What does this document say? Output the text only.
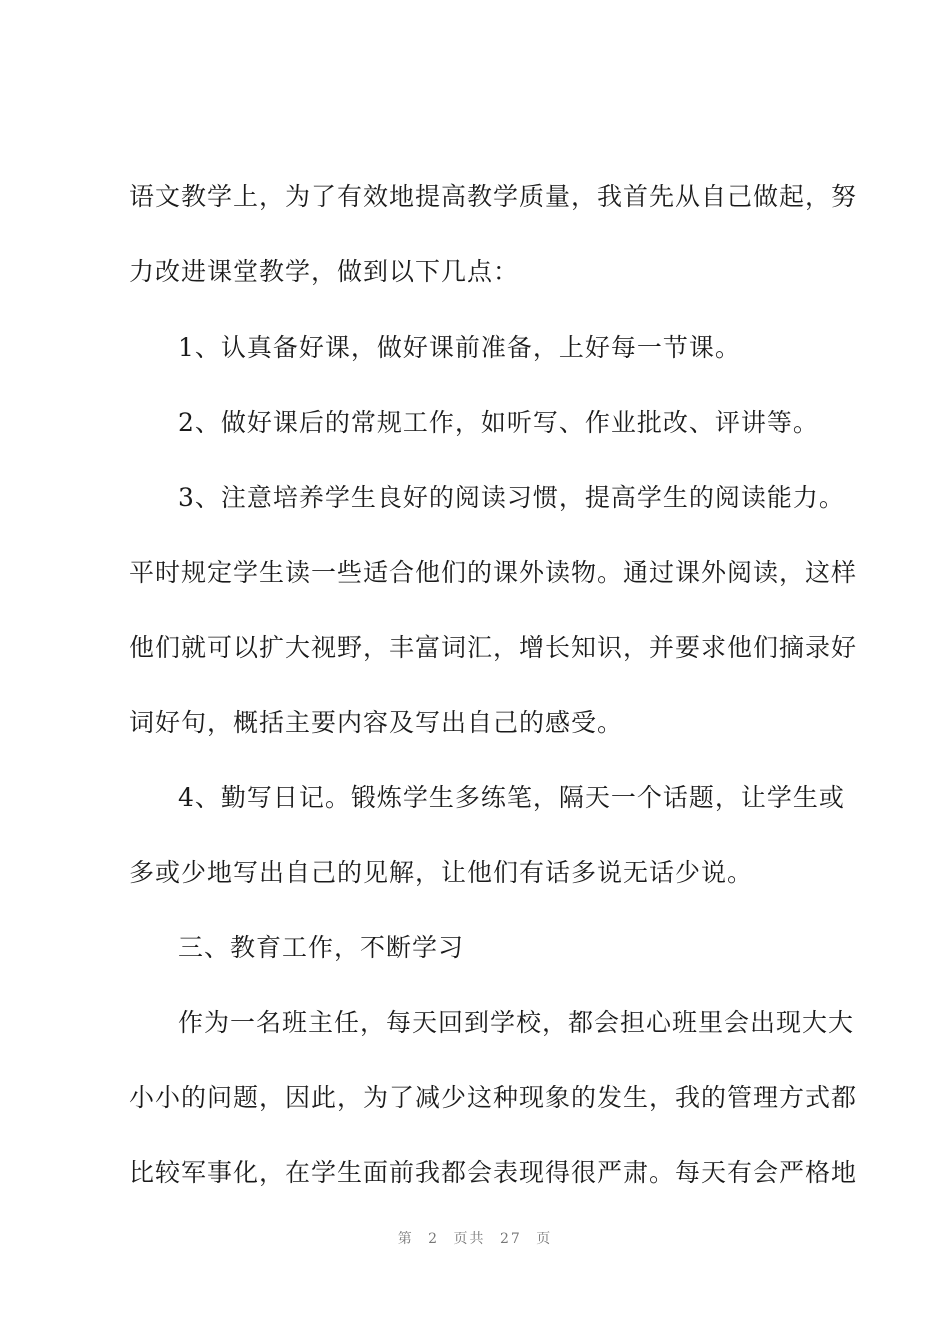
语文教学上，为了有效地提高教学质量，我首先从自己做起，努
力改进课堂教学，做到以下几点：
1、认真备好课，做好课前准备，上好每一节课。
2、做好课后的常规工作，如听写、作业批改、评讲等。
3、注意培养学生良好的阅读习惯，提高学生的阅读能力。
平时规定学生读一些适合他们的课外读物。通过课外阅读，这样
他们就可以扩大视野，丰富词汇，增长知识，并要求他们摘录好
词好句，概括主要内容及写出自己的感受。
4、勤写日记。锻炼学生多练笔，隔天一个话题，让学生或
多或少地写出自己的见解，让他们有话多说无话少说。
三、教育工作，不断学习
作为一名班主任，每天回到学校，都会担心班里会出现大大
小小的问题，因此，为了减少这种现象的发生，我的管理方式都
比较军事化，在学生面前我都会表现得很严肃。每天有会严格地
第 2 页共 27 页
